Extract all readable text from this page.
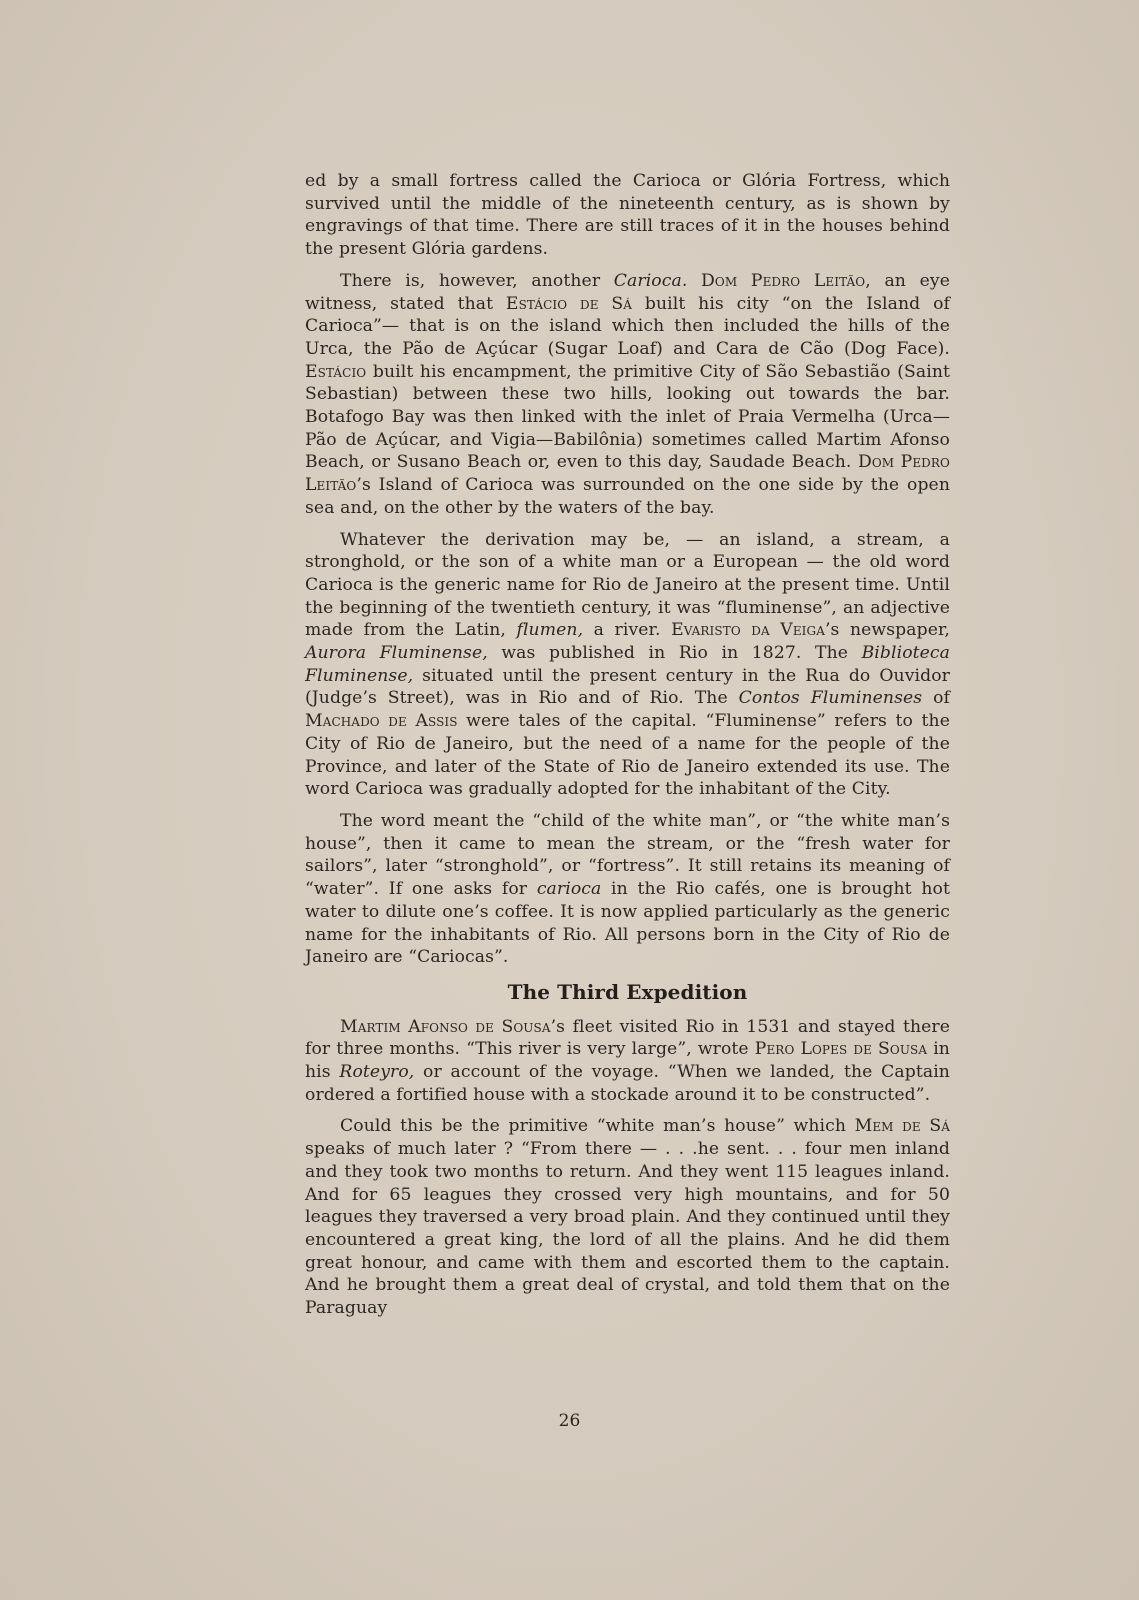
ed by a small fortress called the Carioca or Glória Fortress, which survived until the middle of the nineteenth century, as is shown by engravings of that time. There are still traces of it in the houses behind the present Glória gardens.

There is, however, another Carioca. Dom Pedro Leitão, an eye witness, stated that Estácio de Sá built his city “on the Island of Carioca”— that is on the island which then included the hills of the Urca, the Pão de Açúcar (Sugar Loaf) and Cara de Cão (Dog Face). Estácio built his encampment, the primitive City of São Sebastião (Saint Sebastian) between these two hills, looking out towards the bar. Botafogo Bay was then linked with the inlet of Praia Vermelha (Urca—Pão de Açúcar, and Vigia—Babilônia) sometimes called Martim Afonso Beach, or Susano Beach or, even to this day, Saudade Beach. Dom Pedro Leitão’s Island of Carioca was surrounded on the one side by the open sea and, on the other by the waters of the bay.

Whatever the derivation may be, — an island, a stream, a stronghold, or the son of a white man or a European — the old word Carioca is the generic name for Rio de Janeiro at the present time. Until the beginning of the twentieth century, it was “fluminense”, an adjective made from the Latin, flumen, a river. Evaristo da Veiga’s newspaper, Aurora Fluminense, was published in Rio in 1827. The Biblioteca Fluminense, situated until the present century in the Rua do Ouvidor (Judge’s Street), was in Rio and of Rio. The Contos Fluminenses of Machado de Assis were tales of the capital. “Fluminense” refers to the City of Rio de Janeiro, but the need of a name for the people of the Province, and later of the State of Rio de Janeiro extended its use. The word Carioca was gradually adopted for the inhabitant of the City.

The word meant the “child of the white man”, or “the white man’s house”, then it came to mean the stream, or the “fresh water for sailors”, later “stronghold”, or “fortress”. It still retains its meaning of “water”. If one asks for carioca in the Rio cafés, one is brought hot water to dilute one’s coffee. It is now applied particularly as the generic name for the inhabitants of Rio. All persons born in the City of Rio de Janeiro are “Cariocas”.

The Third Expedition

Martim Afonso de Sousa’s fleet visited Rio in 1531 and stayed there for three months. “This river is very large”, wrote Pero Lopes de Sousa in his Roteyro, or account of the voyage. “When we landed, the Captain ordered a fortified house with a stockade around it to be constructed”.

Could this be the primitive “white man’s house” which Mem de Sá speaks of much later ? “From there — . . .he sent. . . four men inland and they took two months to return. And they went 115 leagues inland. And for 65 leagues they crossed very high mountains, and for 50 leagues they traversed a very broad plain. And they continued until they encountered a great king, the lord of all the plains. And he did them great honour, and came with them and escorted them to the captain. And he brought them a great deal of crystal, and told them that on the Paraguay

26
